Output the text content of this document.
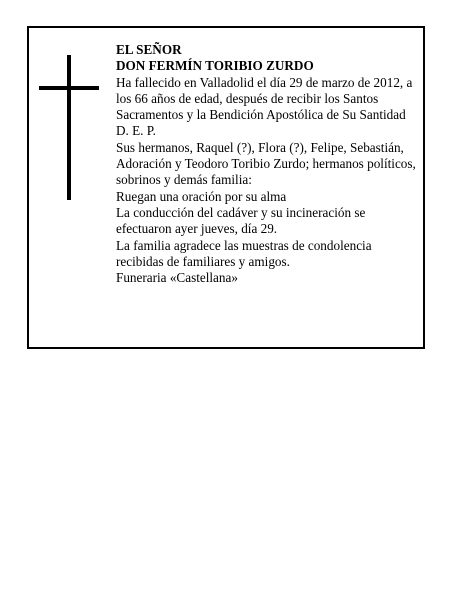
EL SEÑOR

DON FERMÍN TORIBIO ZURDO

Ha fallecido en Valladolid el día 29 de marzo de 2012, a los 66 años de edad, después de recibir los Santos Sacramentos y la Bendición Apostólica de Su Santidad

D. E. P.

Sus hermanos, Raquel (?), Flora (?), Felipe, Sebastián, Adoración y Teodoro Toribio Zurdo; hermanos políticos, sobrinos y demás familia:

Ruegan una oración por su alma

La conducción del cadáver y su incineración se efectuaron ayer jueves, día 29.

La familia agradece las muestras de condolencia recibidas de familiares y amigos.

Funeraria «Castellana»
